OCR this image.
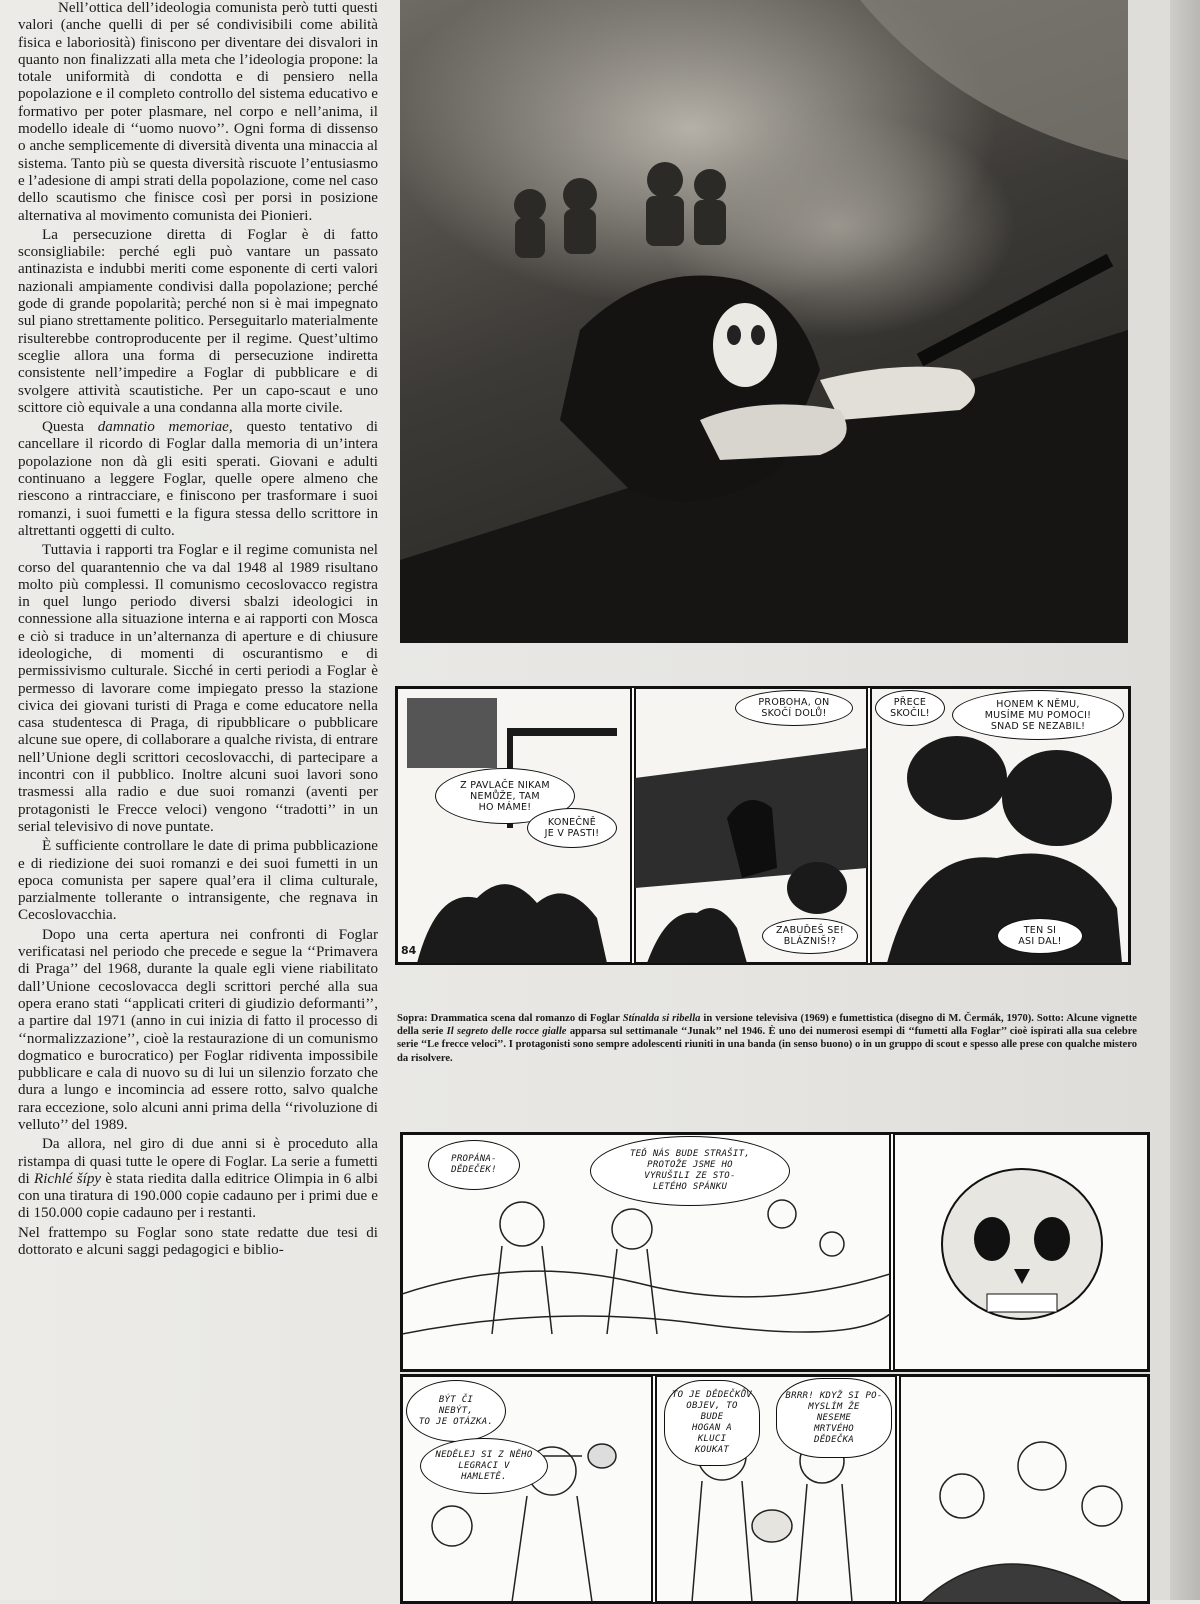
Nell’ottica dell’ideologia comunista però tutti questi valori (anche quelli di per sé condivisibili come abilità fisica e laboriosità) finiscono per diventare dei disvalori in quanto non finalizzati alla meta che l’ideologia propone: la totale uniformità di condotta e di pensiero nella popolazione e il completo controllo del sistema educativo e formativo per poter plasmare, nel corpo e nell’anima, il modello ideale di ‘‘uomo nuovo’’. Ogni forma di dissenso o anche semplicemente di diversità diventa una minaccia al sistema. Tanto più se questa diversità riscuote l’entusiasmo e l’adesione di ampi strati della popolazione, come nel caso dello scautismo che finisce così per porsi in posizione alternativa al movimento comunista dei Pionieri.

La persecuzione diretta di Foglar è di fatto sconsigliabile: perché egli può vantare un passato antinazista e indubbi meriti come esponente di certi valori nazionali ampiamente condivisi dalla popolazione; perché gode di grande popolarità; perché non si è mai impegnato sul piano strettamente politico. Perseguitarlo materialmente risulterebbe controproducente per il regime. Quest’ultimo sceglie allora una forma di persecuzione indiretta consistente nell’impedire a Foglar di pubblicare e di svolgere attività scautistiche. Per un capo-scaut e uno scittore ciò equivale a una condanna alla morte civile.

Questa damnatio memoriae, questo tentativo di cancellare il ricordo di Foglar dalla memoria di un’intera popolazione non dà gli esiti sperati. Giovani e adulti continuano a leggere Foglar, quelle opere almeno che riescono a rintracciare, e finiscono per trasformare i suoi romanzi, i suoi fumetti e la figura stessa dello scrittore in altrettanti oggetti di culto.

Tuttavia i rapporti tra Foglar e il regime comunista nel corso del quarantennio che va dal 1948 al 1989 risultano molto più complessi. Il comunismo cecoslovacco registra in quel lungo periodo diversi sbalzi ideologici in connessione alla situazione interna e ai rapporti con Mosca e ciò si traduce in un’alternanza di aperture e di chiusure ideologiche, di momenti di oscurantismo e di permissivismo culturale. Sicché in certi periodi a Foglar è permesso di lavorare come impiegato presso la stazione civica dei giovani turisti di Praga e come educatore nella casa studentesca di Praga, di ripubblicare o pubblicare alcune sue opere, di collaborare a qualche rivista, di entrare nell’Unione degli scrittori cecoslovacchi, di partecipare a incontri con il pubblico. Inoltre alcuni suoi lavori sono trasmessi alla radio e due suoi romanzi (aventi per protagonisti le Frecce veloci) vengono ‘‘tradotti’’ in un serial televisivo di nove puntate.

È sufficiente controllare le date di prima pubblicazione e di riedizione dei suoi romanzi e dei suoi fumetti in un epoca comunista per sapere qual’era il clima culturale, parzialmente tollerante o intransigente, che regnava in Cecoslovacchia.

Dopo una certa apertura nei confronti di Foglar verificatasi nel periodo che precede e segue la ‘‘Primavera di Praga’’ del 1968, durante la quale egli viene riabilitato dall’Unione cecoslovacca degli scrittori perché alla sua opera erano stati ‘‘applicati criteri di giudizio deformanti’’, a partire dal 1971 (anno in cui inizia di fatto il processo di ‘‘normalizzazione’’, cioè la restaurazione di un comunismo dogmatico e burocratico) per Foglar ridiventa impossibile pubblicare e cala di nuovo su di lui un silenzio forzato che dura a lungo e incomincia ad essere rotto, salvo qualche rara eccezione, solo alcuni anni prima della ‘‘rivoluzione di velluto’’ del 1989.

Da allora, nel giro di due anni si è proceduto alla ristampa di quasi tutte le opere di Foglar. La serie a fumetti di Richlé šípy è stata riedita dalla editrice Olimpia in 6 albi con una tiratura di 190.000 copie cadauno per i primi due e di 150.000 copie cadauno per i restanti.

Nel frattempo su Foglar sono state redatte due tesi di dottorato e alcuni saggi pedagogici e biblio-

Z PAVLAČE NIKAM
NEMŮŽE, TAM
HO MÁME!
KONEČNĚ
JE V PASTI!
PROBOHA, ON
SKOČÍ DOLŮ!
ZABUĎEŠ SE!
BLÁZNIŠ!?
PŘECE
SKOČIL!
HONEM K NĚMU,
MUSÍME MU POMOCI!
SNAD SE NEZABIL!
TEN SI
ASI DAL!
84
Sopra: Drammatica scena dal romanzo di Foglar Stínalda si ribella in versione televisiva (1969) e fumettistica (disegno di M. Čermák, 1970). Sotto: Alcune vignette della serie Il segreto delle rocce gialle apparsa sul settimanale ‘‘Junak’’ nel 1946. È uno dei numerosi esempi di ‘‘fumetti alla Foglar’’ cioè ispirati alla sua celebre serie ‘‘Le frecce veloci’’. I protagonisti sono sempre adolescenti riuniti in una banda (in senso buono) o in un gruppo di scout e spesso alle prese con qualche mistero da risolvere.
PROPÁNA-
DĚDEČEK!
TEĎ NÁS BUDE STRAŠIT,
PROTOŽE JSME HO
VYRUŠILI ZE STO-
LETÉHO SPÁNKU
BÝT ČI
NEBÝT,
TO JE OTÁZKA.
NEDĚLEJ SI Z NĚHO
LEGRACI V
HAMLETĚ.
TO JE DĚDEČKŮV
OBJEV, TO
BUDE
HOGAN A
KLUCI
KOUKAT
BRRR! KDYŽ SI PO-
MYSLÍM ŽE
NESEME
MRTVÉHO
DĚDEČKA
